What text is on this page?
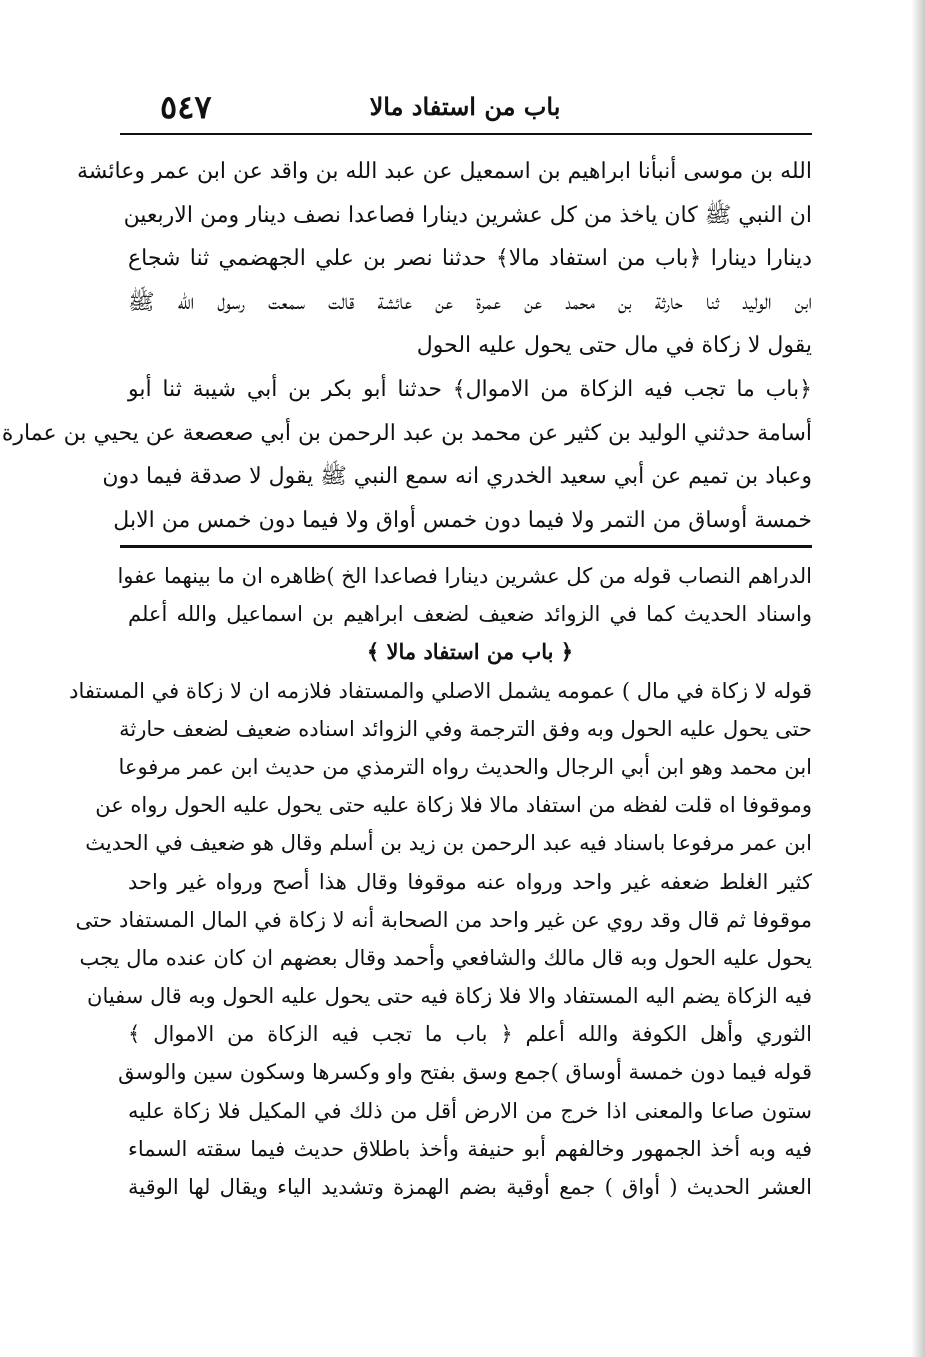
باب من استفاد مالا
٥٤٧
الله بن موسى أنبأنا ابراهيم بن اسمعيل عن عبد الله بن واقد عن ابن عمر وعائشة
ان النبي ﷺ كان ياخذ من كل عشرين دينارا فصاعدا نصف دينار ومن الاربعين
دينارا دينارا ﴿باب من استفاد مالا﴾ حدثنا نصر بن علي الجهضمي ثنا شجاع
ابن الوليد ثنا حارثة بن محمد عن عمرة عن عائشة قالت سمعت رسول الله ﷺ
يقول لا زكاة في مال حتى يحول عليه الحول
﴿باب ما تجب فيه الزكاة من الاموال﴾ حدثنا أبو بكر بن أبي شيبة ثنا أبو
أسامة حدثني الوليد بن كثير عن محمد بن عبد الرحمن بن أبي صعصعة عن يحيي بن عمارة
وعباد بن تميم عن أبي سعيد الخدري انه سمع النبي ﷺ يقول لا صدقة فيما دون
خمسة أوساق من التمر ولا فيما دون خمس أواق ولا فيما دون خمس من الابل
الدراهم النصاب قوله من كل عشرين دينارا فصاعدا الخ )ظاهره ان ما بينهما عفوا
واسناد الحديث كما في الزوائد ضعيف لضعف ابراهيم بن اسماعيل والله أعلم
﴿ باب من استفاد مالا ﴾
قوله لا زكاة في مال ) عمومه يشمل الاصلي والمستفاد فلازمه ان لا زكاة في المستفاد
حتى يحول عليه الحول وبه وفق الترجمة وفي الزوائد اسناده ضعيف لضعف حارثة
ابن محمد وهو ابن أبي الرجال والحديث رواه الترمذي من حديث ابن عمر مرفوعا
وموقوفا اه قلت لفظه من استفاد مالا فلا زكاة عليه حتى يحول عليه الحول رواه عن
ابن عمر مرفوعا باسناد فيه عبد الرحمن بن زيد بن أسلم وقال هو ضعيف في الحديث
كثير الغلط ضعفه غير واحد ورواه عنه موقوفا وقال هذا أصح ورواه غير واحد
موقوفا ثم قال وقد روي عن غير واحد من الصحابة أنه لا زكاة في المال المستفاد حتى
يحول عليه الحول وبه قال مالك والشافعي وأحمد وقال بعضهم ان كان عنده مال يجب
فيه الزكاة يضم اليه المستفاد والا فلا زكاة فيه حتى يحول عليه الحول وبه قال سفيان
الثوري وأهل الكوفة والله أعلم ﴿ باب ما تجب فيه الزكاة من الاموال ﴾
قوله فيما دون خمسة أوساق )جمع وسق بفتح واو وكسرها وسكون سين والوسق
ستون صاعا والمعنى اذا خرج من الارض أقل من ذلك في المكيل فلا زكاة عليه
فيه وبه أخذ الجمهور وخالفهم أبو حنيفة وأخذ باطلاق حديث فيما سقته السماء
العشر الحديث ( أواق ) جمع أوقية بضم الهمزة وتشديد الياء ويقال لها الوقية
